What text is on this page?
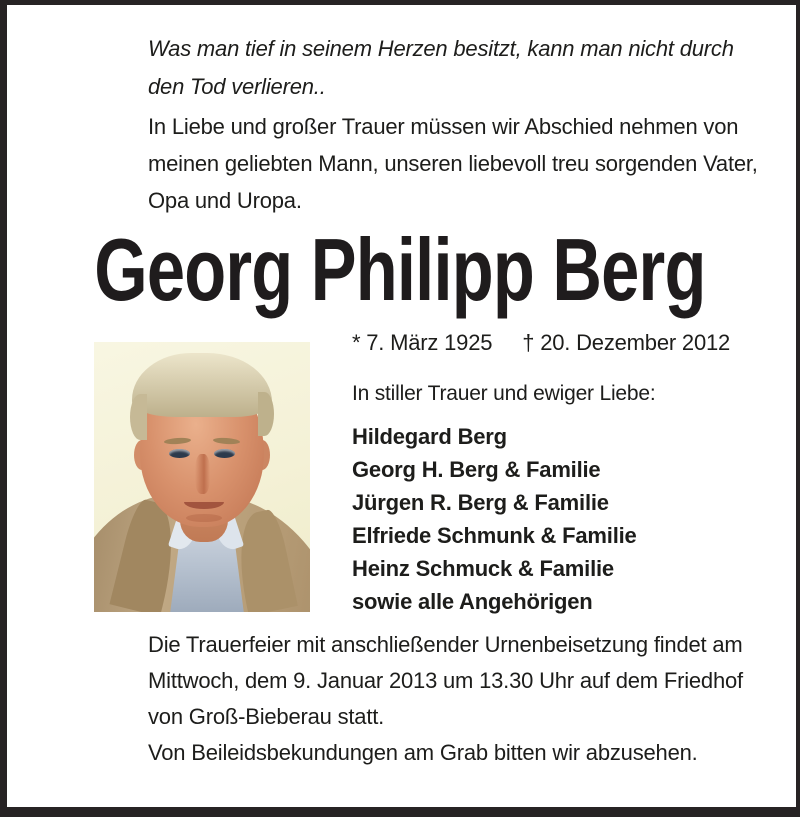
Was man tief in seinem Herzen besitzt, kann man nicht durch
den Tod verlieren..
In Liebe und großer Trauer müssen wir Abschied nehmen von
meinen geliebten Mann, unseren liebevoll treu sorgenden Vater,
Opa und Uropa.
Georg Philipp Berg
* 7. März 1925 † 20. Dezember 2012
In stiller Trauer und ewiger Liebe:
Hildegard Berg
Georg H. Berg & Familie
Jürgen R. Berg & Familie
Elfriede Schmunk & Familie
Heinz Schmuck & Familie
sowie alle Angehörigen
Die Trauerfeier mit anschließender Urnenbeisetzung findet am
Mittwoch, dem 9. Januar 2013 um 13.30 Uhr auf dem Friedhof
von Groß-Bieberau statt.
Von Beileidsbekundungen am Grab bitten wir abzusehen.
